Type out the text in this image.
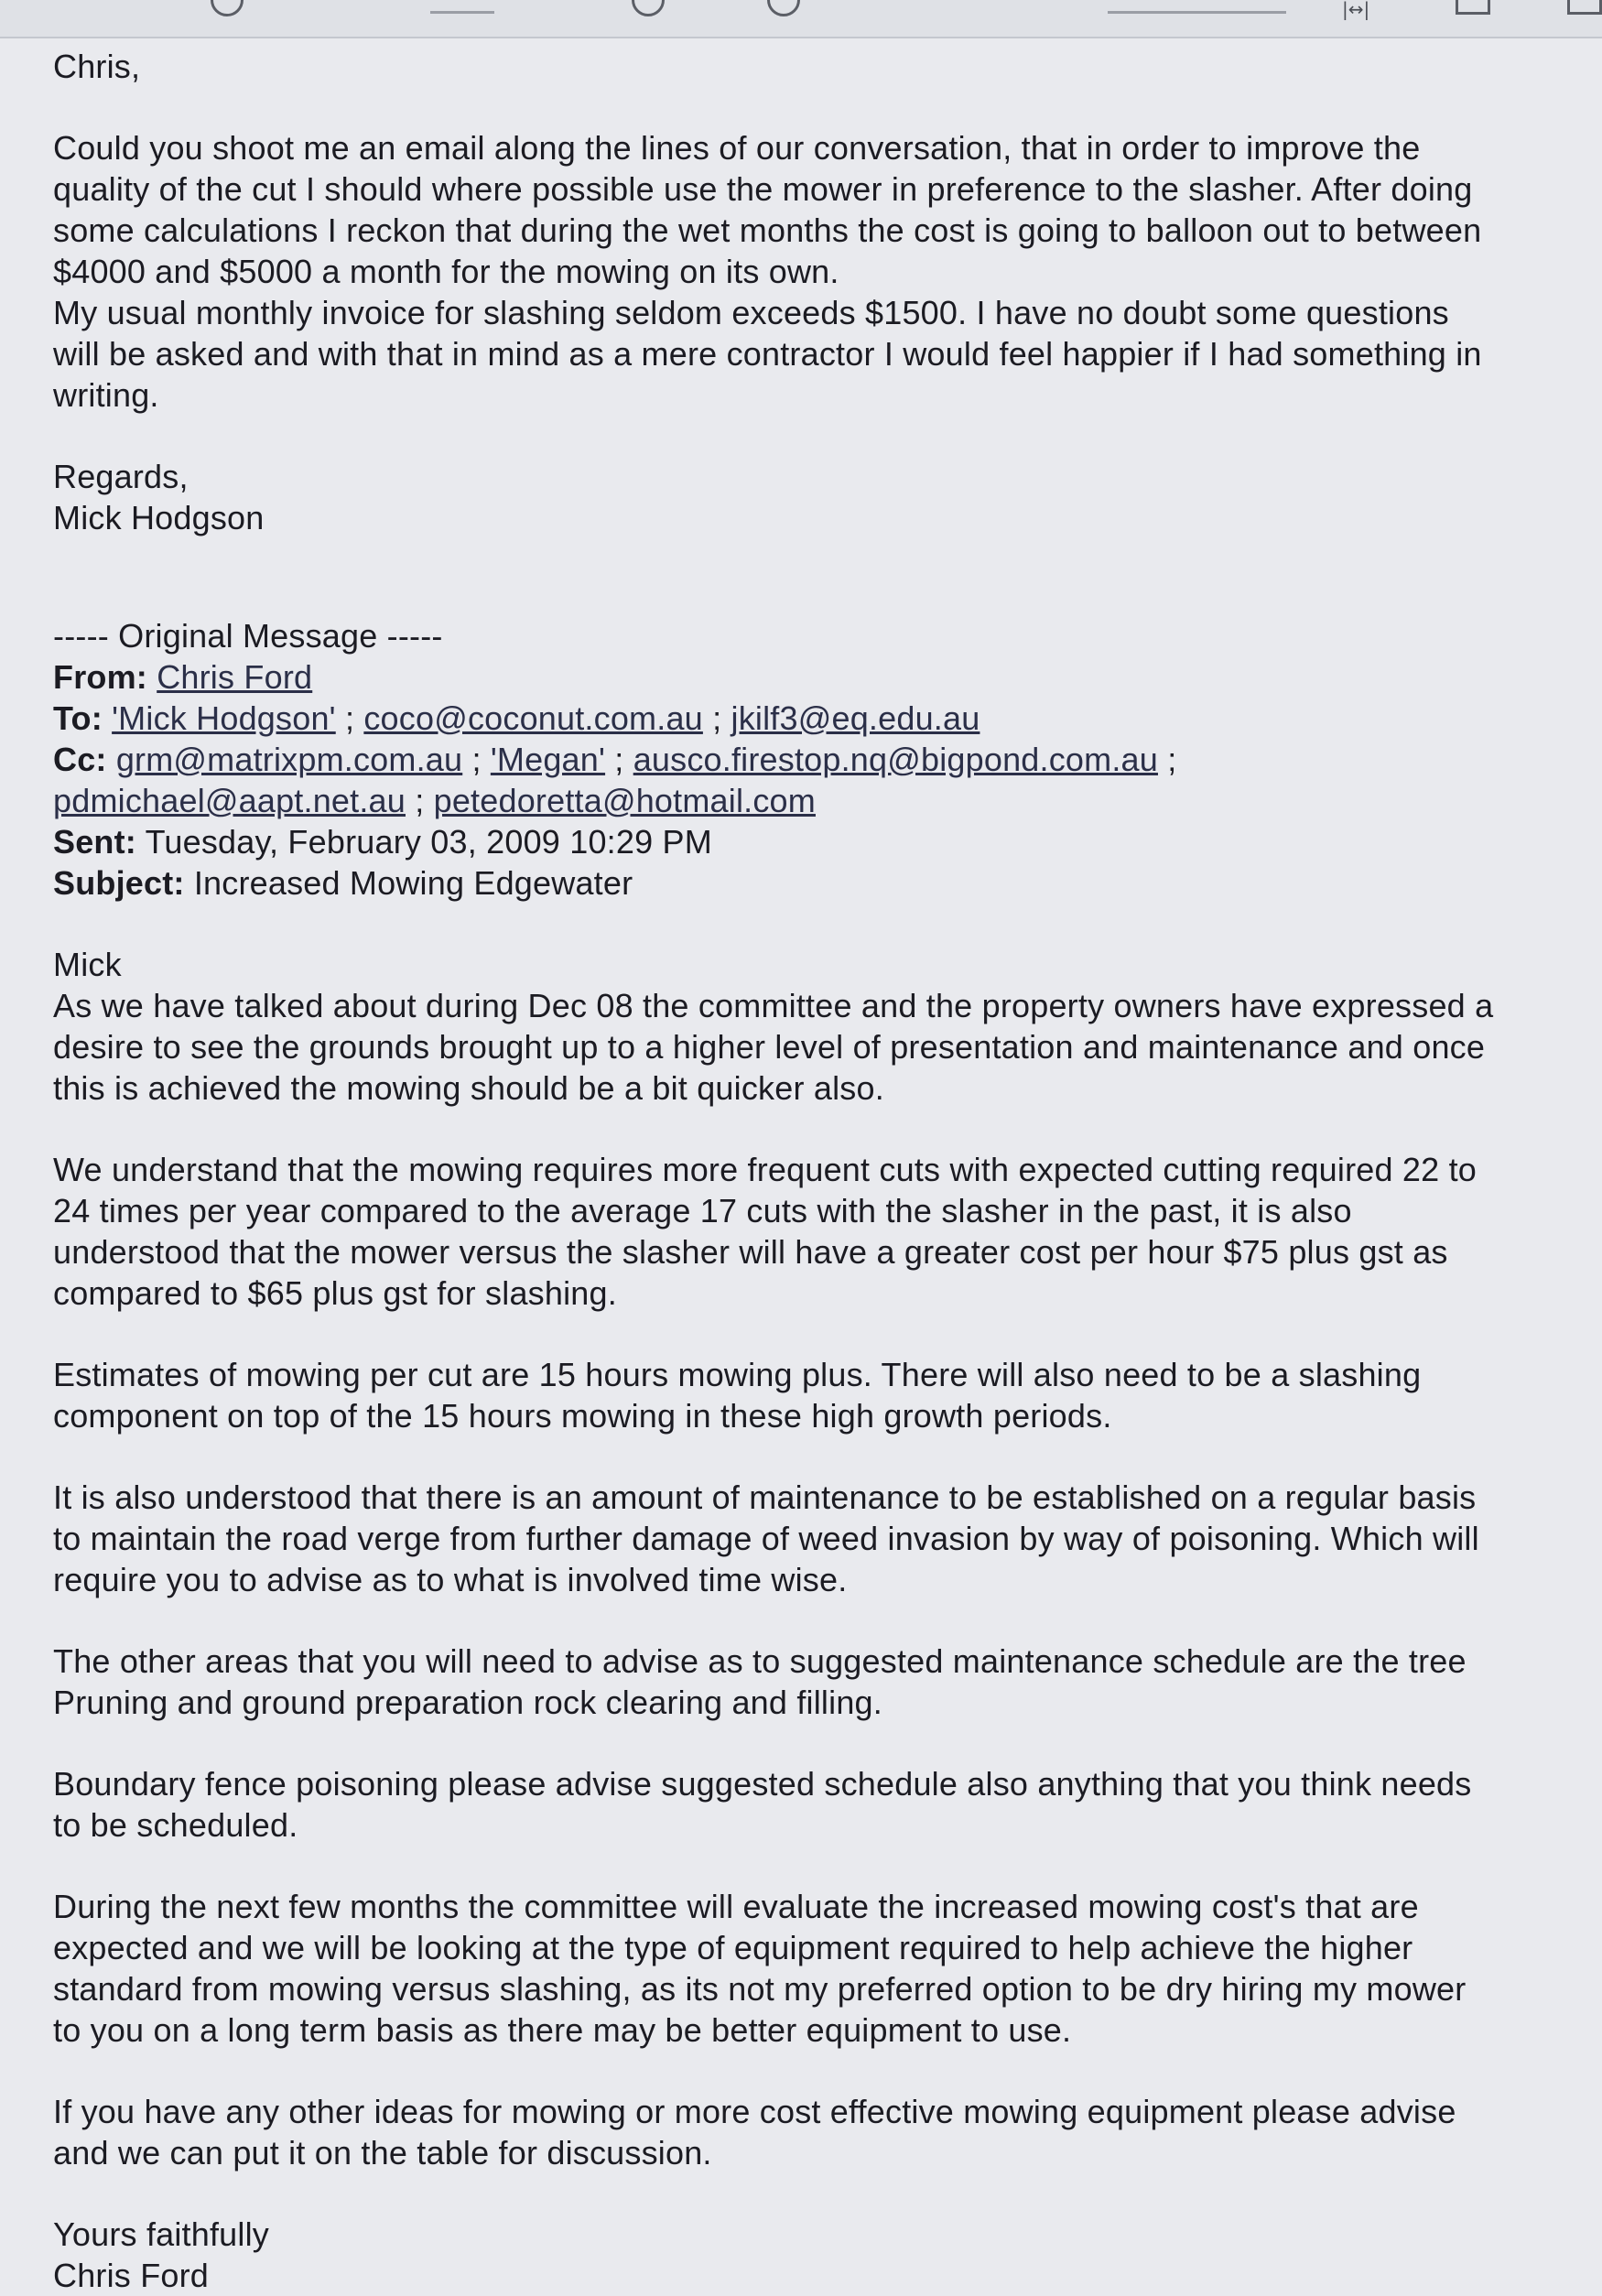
|↔|

Chris,

Could you shoot me an email along the lines of our conversation, that in order to improve the

quality of the cut I should where possible use the mower in preference to the slasher. After doing

some calculations I reckon that during the wet months the cost is going to balloon out to between

$4000 and $5000 a month for the mowing on its own.

My usual monthly invoice for slashing seldom exceeds $1500. I have no doubt some questions

will be asked and with that in mind as a mere contractor I would feel happier if I had something in

writing.

Regards,

Mick Hodgson

----- Original Message -----

From: Chris Ford

To: 'Mick Hodgson' ; coco@coconut.com.au ; jkilf3@eq.edu.au

Cc: grm@matrixpm.com.au ; 'Megan' ; ausco.firestop.nq@bigpond.com.au ;

pdmichael@aapt.net.au ; petedoretta@hotmail.com

Sent: Tuesday, February 03, 2009 10:29 PM

Subject: Increased Mowing Edgewater

Mick

As we have talked about during Dec 08 the committee and the property owners have expressed a

desire to see the grounds brought up to a higher level of presentation and maintenance and once

this is achieved the mowing should be a bit quicker also.

We understand that the mowing requires more frequent cuts with expected cutting required 22 to

24 times per year compared to the average 17 cuts with the slasher in the past, it is also

understood that the mower versus the slasher will have a greater cost per hour $75 plus gst as

compared to $65 plus gst for slashing.

Estimates of mowing per cut are 15 hours mowing plus. There will also need to be a slashing

component on top of the 15 hours mowing in these high growth periods.

It is also understood that there is an amount of maintenance to be established on a regular basis

to maintain the road verge from further damage of weed invasion by way of poisoning. Which will

require you to advise as to what is involved time wise.

The other areas that you will need to advise as to suggested maintenance schedule are the tree

Pruning and ground preparation rock clearing and filling.

Boundary fence poisoning please advise suggested schedule also anything that you think needs

to be scheduled.

During the next few months the committee will evaluate the increased mowing cost's that are

expected and we will be looking at the type of equipment required to help achieve the higher

standard from mowing versus slashing, as its not my preferred option to be dry hiring my mower

to you on a long term basis as there may be better equipment to use.

If you have any other ideas for mowing or more cost effective mowing equipment please advise

and we can put it on the table for discussion.

Yours faithfully

Chris Ford
